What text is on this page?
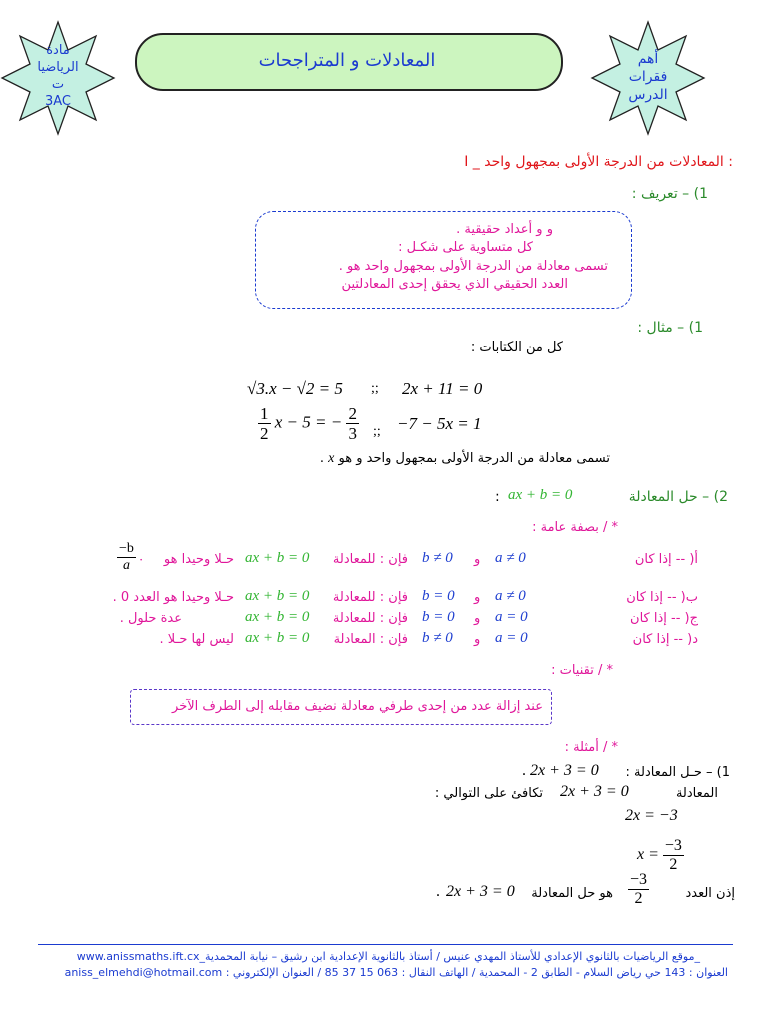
مادة
الرياضيا
ت
3AC
المعادلات و المتراجحات	أهم
فقرات
الدرس
I _ المعادلات من الدرجة الأولى بمجهول واحد :
1) – تعريف :
و و أعداد حقيقية .
كل متساوية على شكـل :
تسمى معادلة من الدرجة الأولى بمجهول واحد هو .
العدد الحقيقي الذي يحقق إحدى المعادلتين
1) – مثال :
كل من الكتابات :
√3.x − √2 = 5 ;; 2x + 11 = 0
$\frac{1}{2}$ x − 5 = − $\frac{2}{3}$ ;; −7 − 5x = 1
تسمى معادلة من الدرجة الأولى بمجهول واحد و هو x .
2) – حل المعادلة
ax + b = 0
:
* / بصفة عامة :
أ( -- إذا كان
a ≠ 0
و
b ≠ 0
فإن : للمعادلة
ax + b = 0
حـلا وحيدا هو
$\frac{-b}{a}$ .
ب( -- إذا كان
a ≠ 0
و
b = 0
فإن : للمعادلة
ax + b = 0
حـلا وحيدا هو العدد 0 .
ج( -- إذا كان
a = 0
و
b = 0
فإن : للمعادلة
ax + b = 0
عدة حلول .
د( -- إذا كان
a = 0
و
b ≠ 0
فإن : المعادلة
ax + b = 0
ليس لها حـلا .
* / تقنيات :
عند إزالة عدد من إحدى طرفي معادلة نضيف مقابله إلى الطرف الآخر
* / أمثلة :
1) – حـل المعادلة :
. 2x + 3 = 0
المعادلة
2x + 3 = 0
تكافئ على التوالي :
2x = −3
$x = \frac{-3}{2}$
إذن العدد
$\frac{-3}{2}$
هو حل المعادلة
2x + 3 = 0
.
www.anissmaths.ift.cx_موقع الرياضيات بالثانوي الإعدادي للأستاذ المهدي عنيس / أستاذ بالثانوية الإعدادية ابن رشيق – نيابة المحمدية_
aniss_elmehdi@hotmail.com : العنوان : 143 حي رياض السلام - الطابق 2 - المحمدية / الهاتف النقال : 063 15 37 85 / العنوان الإلكتروني
